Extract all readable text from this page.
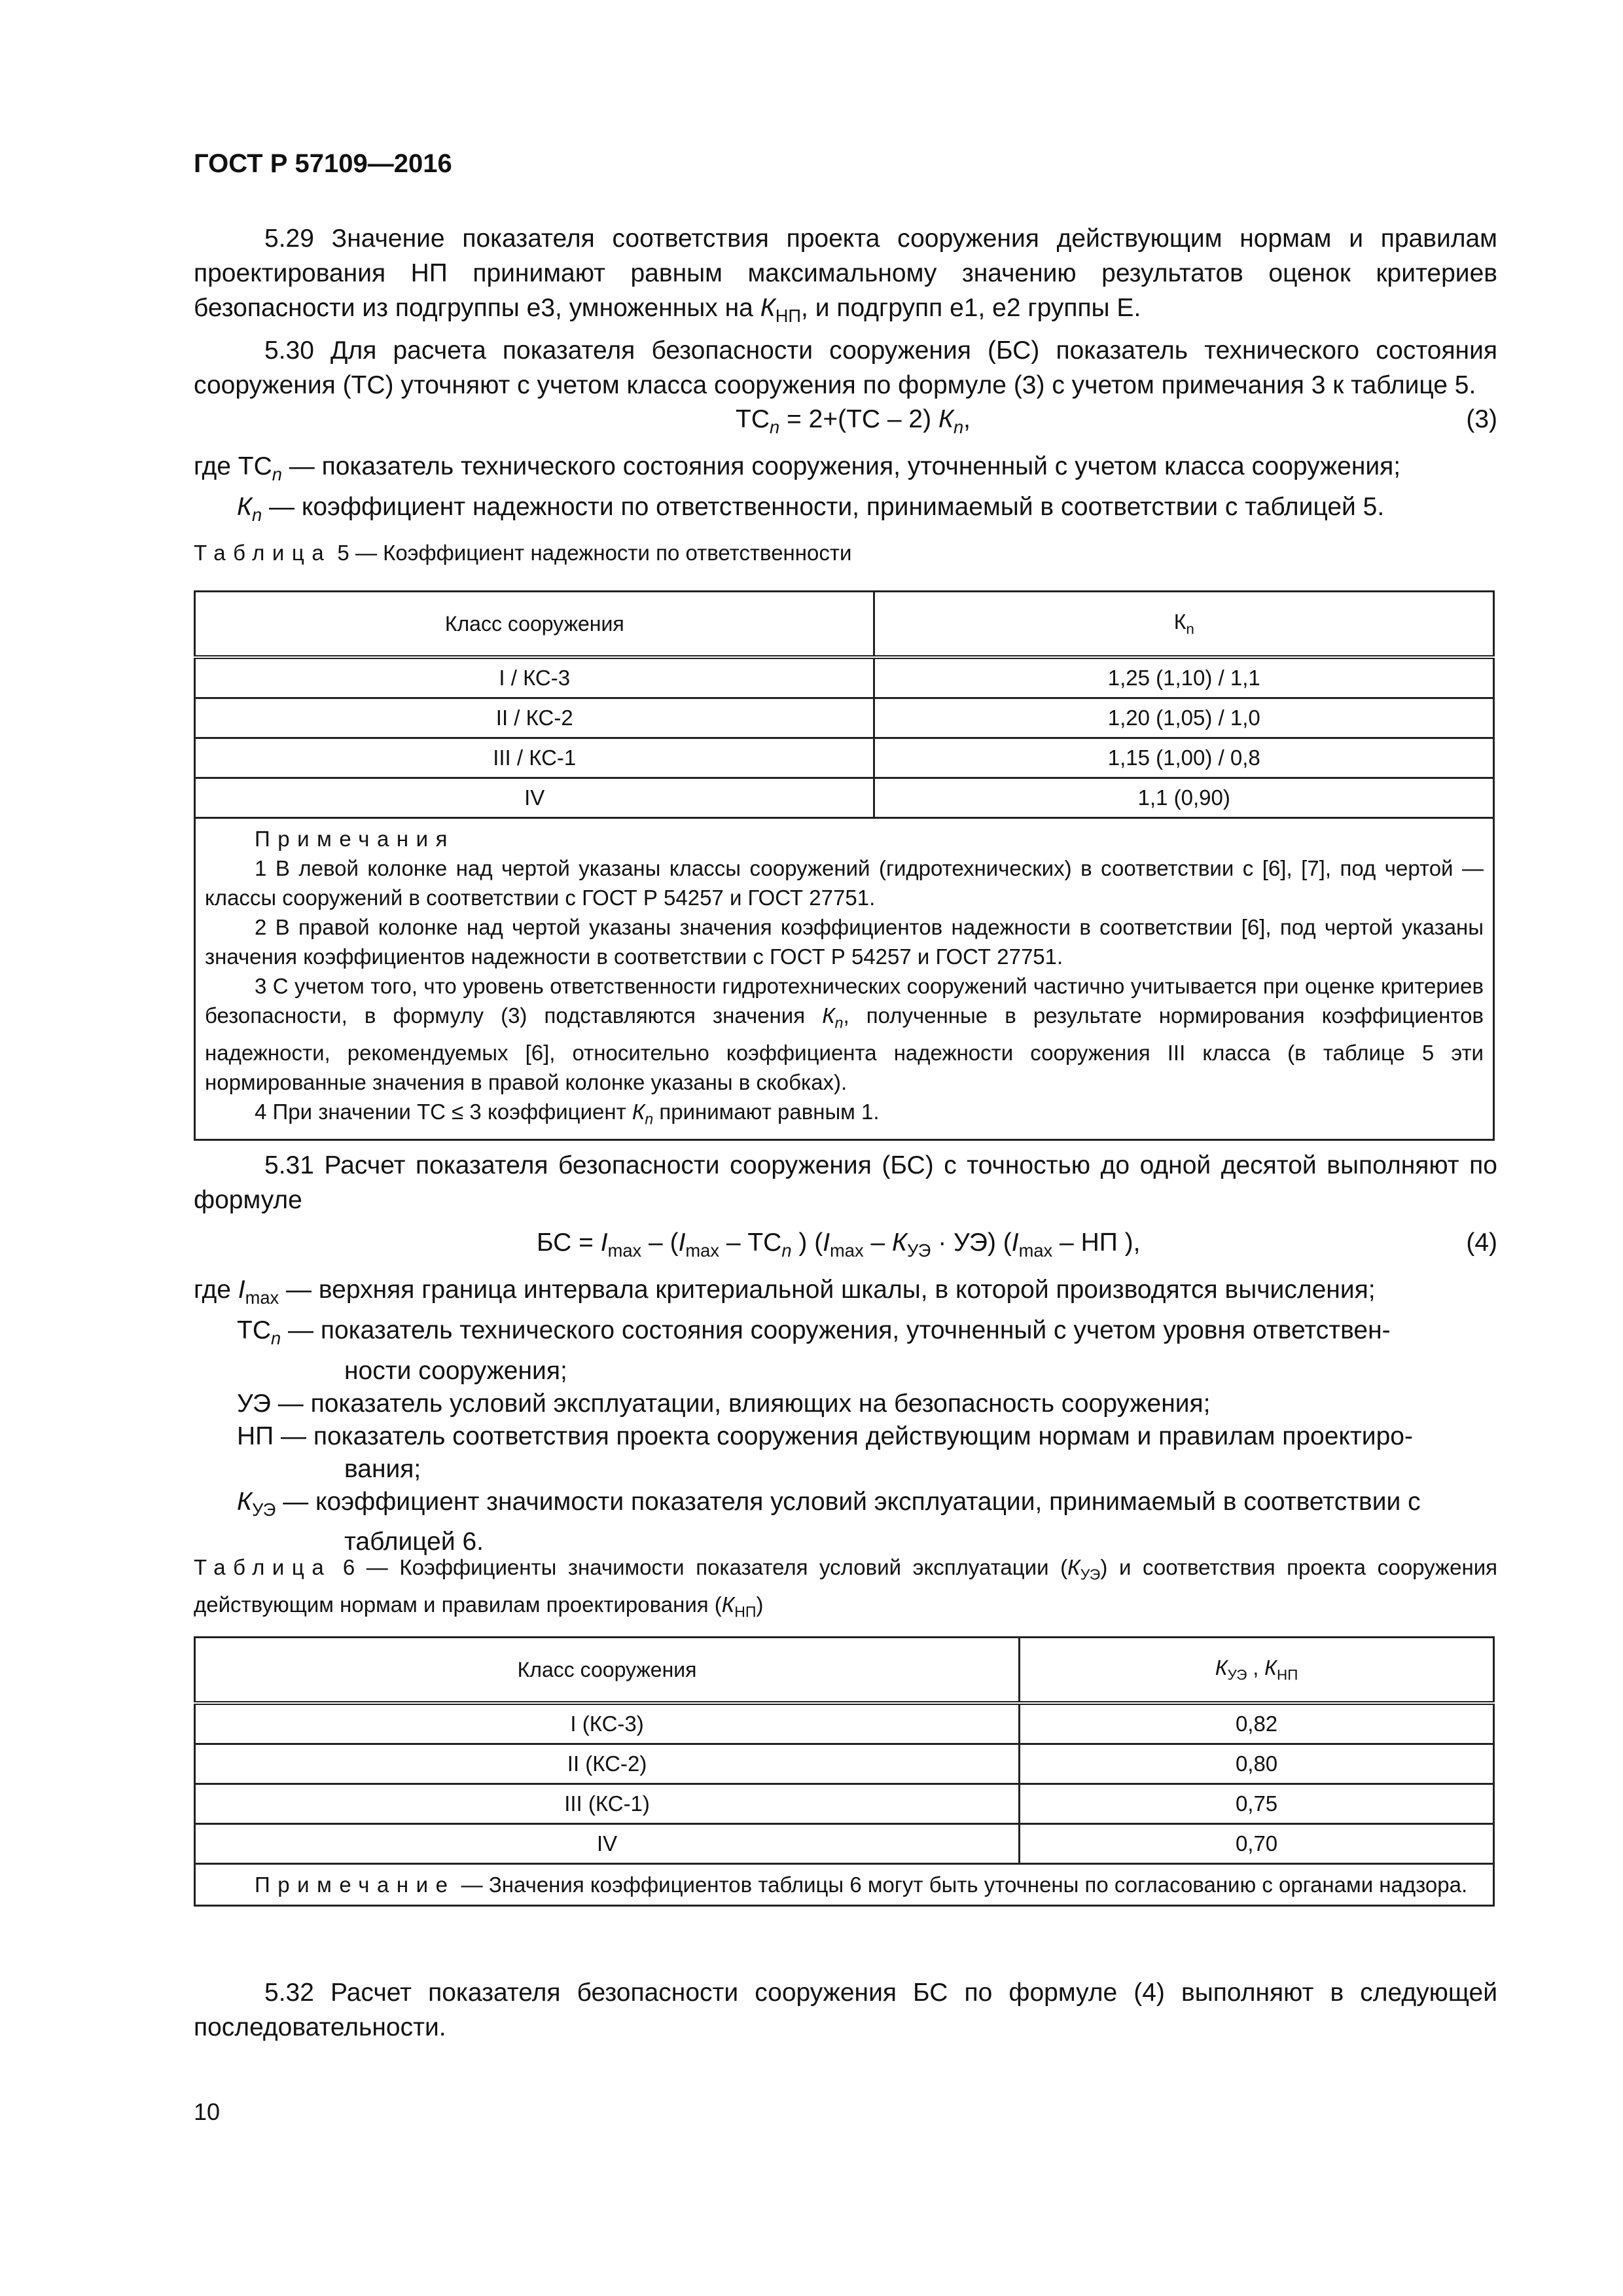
ГОСТ Р 57109—2016

5.29 Значение показателя соответствия проекта сооружения действующим нормам и правилам проектирования НП принимают равным максимальному значению результатов оценок критериев безопасности из подгруппы е3, умноженных на $К_{НП}$, и подгрупп е1, е2 группы Е.

5.30 Для расчета показателя безопасности сооружения (БС) показатель технического состояния сооружения (ТС) уточняют с учетом класса сооружения по формуле (3) с учетом примечания 3 к таблице 5.

$ТС_n = 2+(ТС - 2)$ $К_n$,	(3)
где $ТС_n$ — показатель технического состояния сооружения, уточненный с учетом класса сооружения;
$К_n$ — коэффициент надежности по ответственности, принимаемый в соответствии с таблицей 5.
Таблица 5 — Коэффициент надежности по ответственности
Класс сооружения	$К_n$
I / КС-3	1,25 (1,10) / 1,1
II / КС-2	1,20 (1,05) / 1,0
III / КС-1	1,15 (1,00) / 0,8
IV	1,1 (0,90)

Примечания

1 В левой колонке над чертой указаны классы сооружений (гидротехнических) в соответствии с [6], [7], под чертой — классы сооружений в соответствии с ГОСТ Р 54257 и ГОСТ 27751.

2 В правой колонке над чертой указаны значения коэффициентов надежности в соответствии [6], под чертой указаны значения коэффициентов надежности в соответствии с ГОСТ Р 54257 и ГОСТ 27751.

3 С учетом того, что уровень ответственности гидротехнических сооружений частично учитывается при оценке критериев безопасности, в формулу (3) подставляются значения $К_n$, полученные в результате нормирования коэффициентов надежности, рекомендуемых [6], относительно коэффициента надежности сооружения III класса (в таблице 5 эти нормированные значения в правой колонке указаны в скобках).

4 При значении ТС ≤ 3 коэффициент $К_n$ принимают равным 1.	

5.31 Расчет показателя безопасности сооружения (БС) с точностью до одной десятой выполняют по формуле

БС = $I_{max} - (I_{max} - ТС_n$ ) $(I_{max} - К_{УЭ} \cdot УЭ)$ ($I_{max}$ – НП ),	(4)
где $I_{max}$ — верхняя граница интервала критериальной шкалы, в которой производятся вычисления;
$ТС_n$ — показатель технического состояния сооружения, уточненный с учетом уровня ответствен-
ности сооружения;
УЭ — показатель условий эксплуатации, влияющих на безопасность сооружения;
НП — показатель соответствия проекта сооружения действующим нормам и правилам проектиро-
вания;
$К_{УЭ}$ — коэффициент значимости показателя условий эксплуатации, принимаемый в соответствии с
таблицей 6.
Таблица 6 — Коэффициенты значимости показателя условий эксплуатации $(К_{УЭ})$ и соответствия проекта сооружения действующим нормам и правилам проектирования $(К_{НП})$
Класс сооружения	$К_{УЭ}$ , $К_{НП}$
I (КС-3)	0,82
II (КС-2)	0,80
III (КС-1)	0,75
IV	0,70

Примечание — Значения коэффициентов таблицы 6 могут быть уточнены по согласованию с органами надзора.	

5.32 Расчет показателя безопасности сооружения БС по формуле (4) выполняют в следующей последовательности.

10
